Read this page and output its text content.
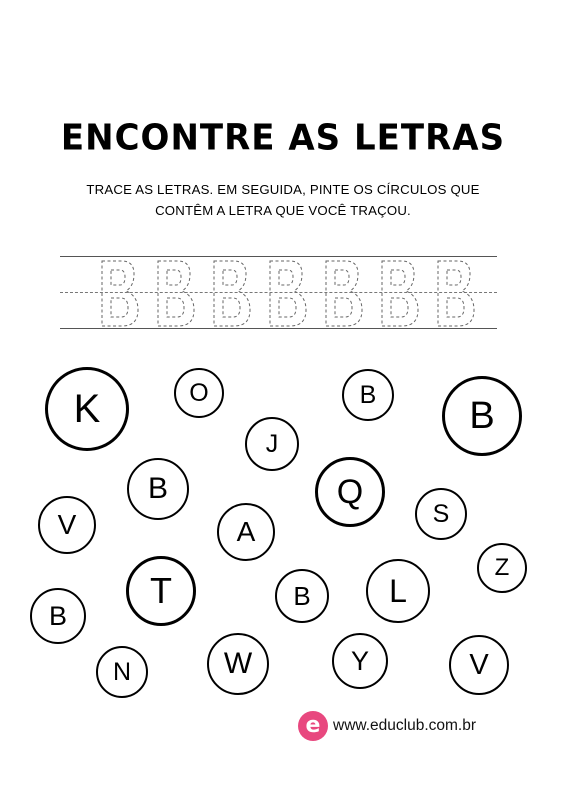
ENCONTRE AS LETRAS
TRACE AS LETRAS. EM SEGUIDA, PINTE OS CÍRCULOS QUE
CONTÊM A LETRA QUE VOCÊ TRAÇOU.
K	O	B
B
J
B	Q
S
V	A
Z
T	B L
B
N	W	Y	V
e www.educlub.com.br
